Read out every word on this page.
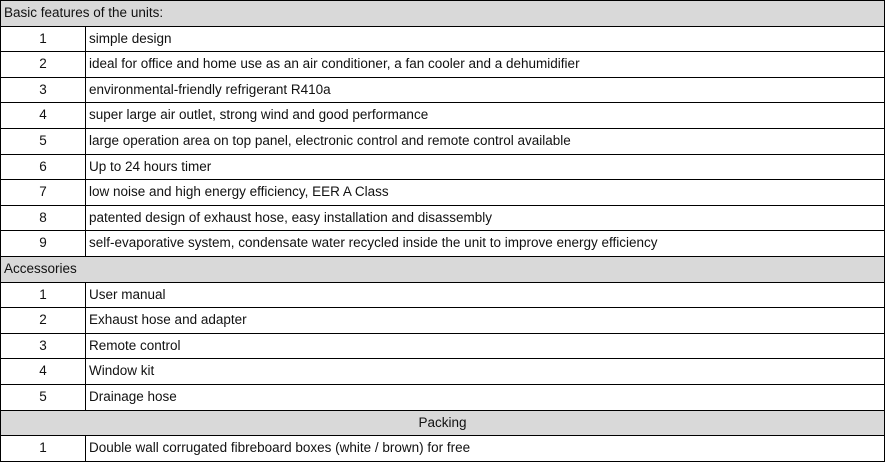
Basic features of the units:	
1	simple design
2	ideal for office and home use as an air conditioner, a fan cooler and a dehumidifier
3	environmental-friendly refrigerant R410a
4	super large air outlet, strong wind and good performance
5	large operation area on top panel, electronic control and remote control available
6	Up to 24 hours timer
7	low noise and high energy efficiency, EER A Class
8	patented design of exhaust hose, easy installation and disassembly
9	self-evaporative system, condensate water recycled inside the unit to improve energy efficiency
Accessories	
1	User manual
2	Exhaust hose and adapter
3	Remote control
4	Window kit
5	Drainage hose
Packing	
1	Double wall corrugated fibreboard boxes (white / brown) for free
